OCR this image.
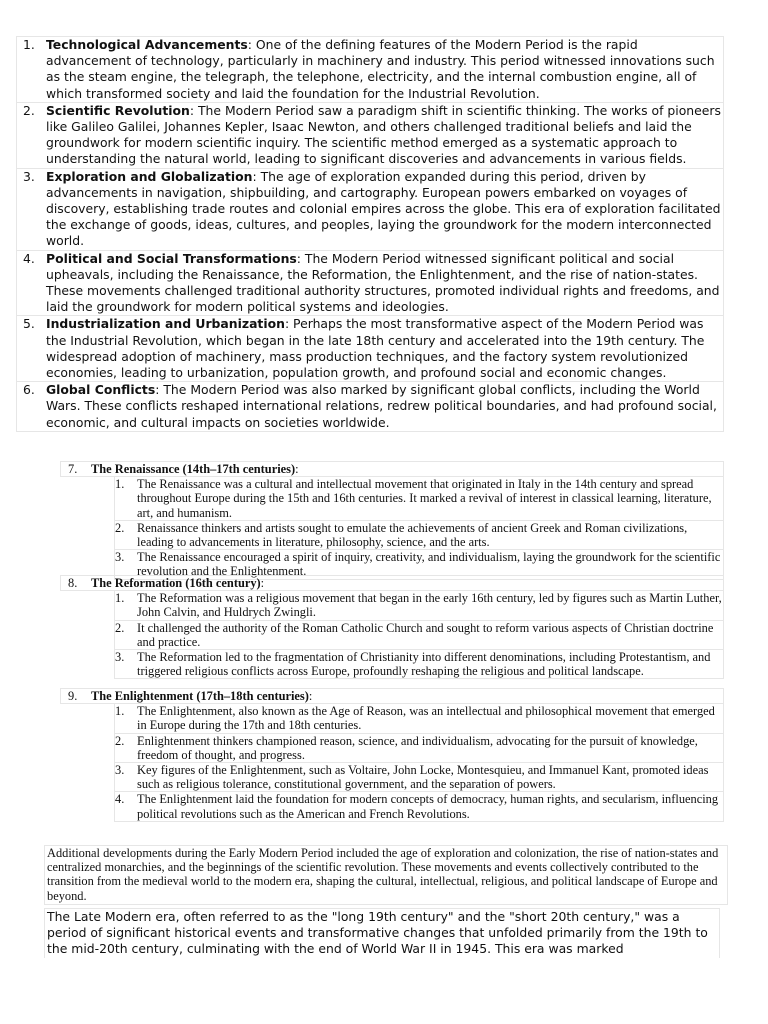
1. Technological Advancements: One of the defining features of the Modern Period is the rapid advancement of technology, particularly in machinery and industry. This period witnessed innovations such as the steam engine, the telegraph, the telephone, electricity, and the internal combustion engine, all of which transformed society and laid the foundation for the Industrial Revolution.
2. Scientific Revolution: The Modern Period saw a paradigm shift in scientific thinking. The works of pioneers like Galileo Galilei, Johannes Kepler, Isaac Newton, and others challenged traditional beliefs and laid the groundwork for modern scientific inquiry. The scientific method emerged as a systematic approach to understanding the natural world, leading to significant discoveries and advancements in various fields.
3. Exploration and Globalization: The age of exploration expanded during this period, driven by advancements in navigation, shipbuilding, and cartography. European powers embarked on voyages of discovery, establishing trade routes and colonial empires across the globe. This era of exploration facilitated the exchange of goods, ideas, cultures, and peoples, laying the groundwork for the modern interconnected world.
4. Political and Social Transformations: The Modern Period witnessed significant political and social upheavals, including the Renaissance, the Reformation, the Enlightenment, and the rise of nation-states. These movements challenged traditional authority structures, promoted individual rights and freedoms, and laid the groundwork for modern political systems and ideologies.
5. Industrialization and Urbanization: Perhaps the most transformative aspect of the Modern Period was the Industrial Revolution, which began in the late 18th century and accelerated into the 19th century. The widespread adoption of machinery, mass production techniques, and the factory system revolutionized economies, leading to urbanization, population growth, and profound social and economic changes.
6. Global Conflicts: The Modern Period was also marked by significant global conflicts, including the World Wars. These conflicts reshaped international relations, redrew political boundaries, and had profound social, economic, and cultural impacts on societies worldwide.
7. The Renaissance (14th–17th centuries):
1. The Renaissance was a cultural and intellectual movement that originated in Italy in the 14th century and spread throughout Europe during the 15th and 16th centuries. It marked a revival of interest in classical learning, literature, art, and humanism.
2. Renaissance thinkers and artists sought to emulate the achievements of ancient Greek and Roman civilizations, leading to advancements in literature, philosophy, science, and the arts.
3. The Renaissance encouraged a spirit of inquiry, creativity, and individualism, laying the groundwork for the scientific revolution and the Enlightenment.
8. The Reformation (16th century):
1. The Reformation was a religious movement that began in the early 16th century, led by figures such as Martin Luther, John Calvin, and Huldrych Zwingli.
2. It challenged the authority of the Roman Catholic Church and sought to reform various aspects of Christian doctrine and practice.
3. The Reformation led to the fragmentation of Christianity into different denominations, including Protestantism, and triggered religious conflicts across Europe, profoundly reshaping the religious and political landscape.
9. The Enlightenment (17th–18th centuries):
1. The Enlightenment, also known as the Age of Reason, was an intellectual and philosophical movement that emerged in Europe during the 17th and 18th centuries.
2. Enlightenment thinkers championed reason, science, and individualism, advocating for the pursuit of knowledge, freedom of thought, and progress.
3. Key figures of the Enlightenment, such as Voltaire, John Locke, Montesquieu, and Immanuel Kant, promoted ideas such as religious tolerance, constitutional government, and the separation of powers.
4. The Enlightenment laid the foundation for modern concepts of democracy, human rights, and secularism, influencing political revolutions such as the American and French Revolutions.

Additional developments during the Early Modern Period included the age of exploration and colonization, the rise of nation-states and centralized monarchies, and the beginnings of the scientific revolution. These movements and events collectively contributed to the transition from the medieval world to the modern era, shaping the cultural, intellectual, religious, and political landscape of Europe and beyond.

The Late Modern era, often referred to as the "long 19th century" and the "short 20th century," was a period of significant historical events and transformative changes that unfolded primarily from the 19th to the mid-20th century, culminating with the end of World War II in 1945. This era was marked
